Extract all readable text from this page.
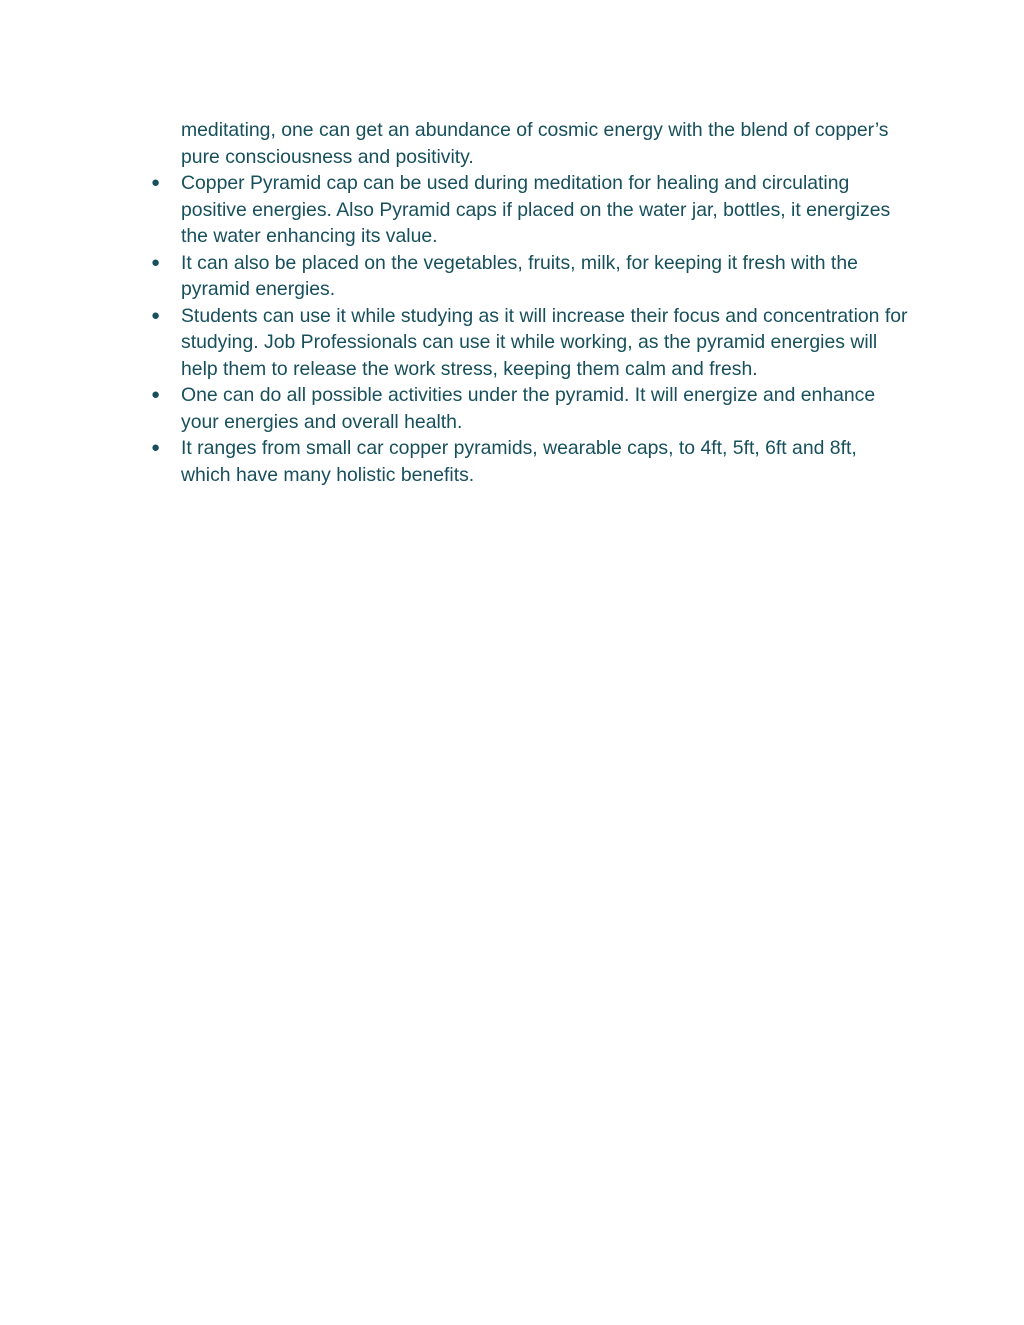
meditating, one can get an abundance of cosmic energy with the blend of copper’s pure consciousness and positivity.

● Copper Pyramid cap can be used during meditation for healing and circulating positive energies. Also Pyramid caps if placed on the water jar, bottles, it energizes the water enhancing its value.
● It can also be placed on the vegetables, fruits, milk, for keeping it fresh with the pyramid energies.
● Students can use it while studying as it will increase their focus and concentration for studying. Job Professionals can use it while working, as the pyramid energies will help them to release the work stress, keeping them calm and fresh.
● One can do all possible activities under the pyramid. It will energize and enhance your energies and overall health.
● It ranges from small car copper pyramids, wearable caps, to 4ft, 5ft, 6ft and 8ft, which have many holistic benefits.
